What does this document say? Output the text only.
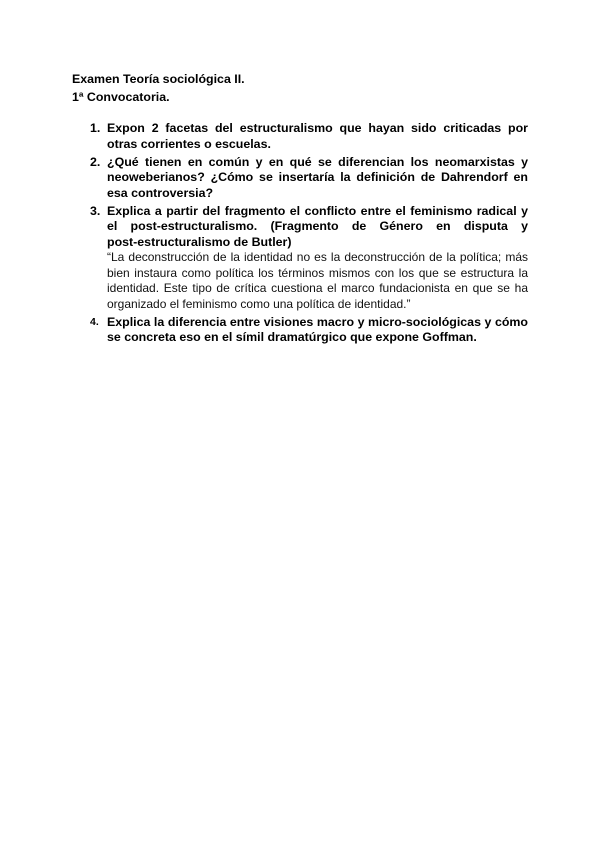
Examen Teoría sociológica II.
1ª Convocatoria.
1. Expon 2 facetas del estructuralismo que hayan sido criticadas por otras corrientes o escuelas.
2. ¿Qué tienen en común y en qué se diferencian los neomarxistas y neoweberianos? ¿Cómo se insertaría la definición de Dahrendorf en esa controversia?
3. Explica a partir del fragmento el conflicto entre el feminismo radical y el post-estructuralismo. (Fragmento de Género en disputa y
post-estructuralismo de Butler)
“La deconstrucción de la identidad no es la deconstrucción de la política; más bien instaura como política los términos mismos con los que se estructura la identidad. Este tipo de crítica cuestiona el marco fundacionista en que se ha organizado el feminismo como una política de identidad.”
4. Explica la diferencia entre visiones macro y micro-sociológicas y cómo se concreta eso en el símil dramatúrgico que expone Goffman.
